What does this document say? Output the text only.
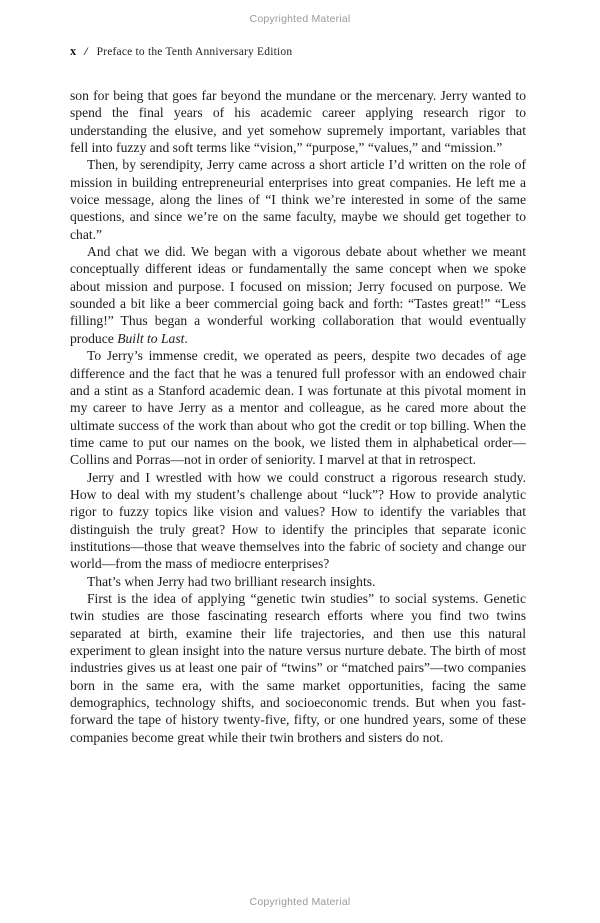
Copyrighted Material
x / Preface to the Tenth Anniversary Edition

son for being that goes far beyond the mundane or the mercenary. Jerry wanted to spend the final years of his academic career applying research rigor to understanding the elusive, and yet somehow supremely important, variables that fell into fuzzy and soft terms like “vision,” “purpose,” “values,” and “mission.”

Then, by serendipity, Jerry came across a short article I’d written on the role of mission in building entrepreneurial enterprises into great companies. He left me a voice message, along the lines of “I think we’re interested in some of the same questions, and since we’re on the same faculty, maybe we should get together to chat.”

And chat we did. We began with a vigorous debate about whether we meant conceptually different ideas or fundamentally the same concept when we spoke about mission and purpose. I focused on mission; Jerry focused on purpose. We sounded a bit like a beer commercial going back and forth: “Tastes great!” “Less filling!” Thus began a wonderful working collaboration that would eventually produce Built to Last.

To Jerry’s immense credit, we operated as peers, despite two decades of age difference and the fact that he was a tenured full professor with an endowed chair and a stint as a Stanford academic dean. I was fortunate at this pivotal moment in my career to have Jerry as a mentor and colleague, as he cared more about the ultimate success of the work than about who got the credit or top billing. When the time came to put our names on the book, we listed them in alphabetical order—Collins and Porras—not in order of seniority. I marvel at that in retrospect.

Jerry and I wrestled with how we could construct a rigorous research study. How to deal with my student’s challenge about “luck”? How to provide analytic rigor to fuzzy topics like vision and values? How to identify the variables that distinguish the truly great? How to identify the principles that separate iconic institutions—those that weave themselves into the fabric of society and change our world—from the mass of mediocre enterprises?

That’s when Jerry had two brilliant research insights.

First is the idea of applying “genetic twin studies” to social systems. Genetic twin studies are those fascinating research efforts where you find two twins separated at birth, examine their life trajectories, and then use this natural experiment to glean insight into the nature versus nurture debate. The birth of most industries gives us at least one pair of “twins” or “matched pairs”—two companies born in the same era, with the same market opportunities, facing the same demographics, technology shifts, and socioeconomic trends. But when you fast-forward the tape of history twenty-five, fifty, or one hundred years, some of these companies become great while their twin brothers and sisters do not.

Copyrighted Material
